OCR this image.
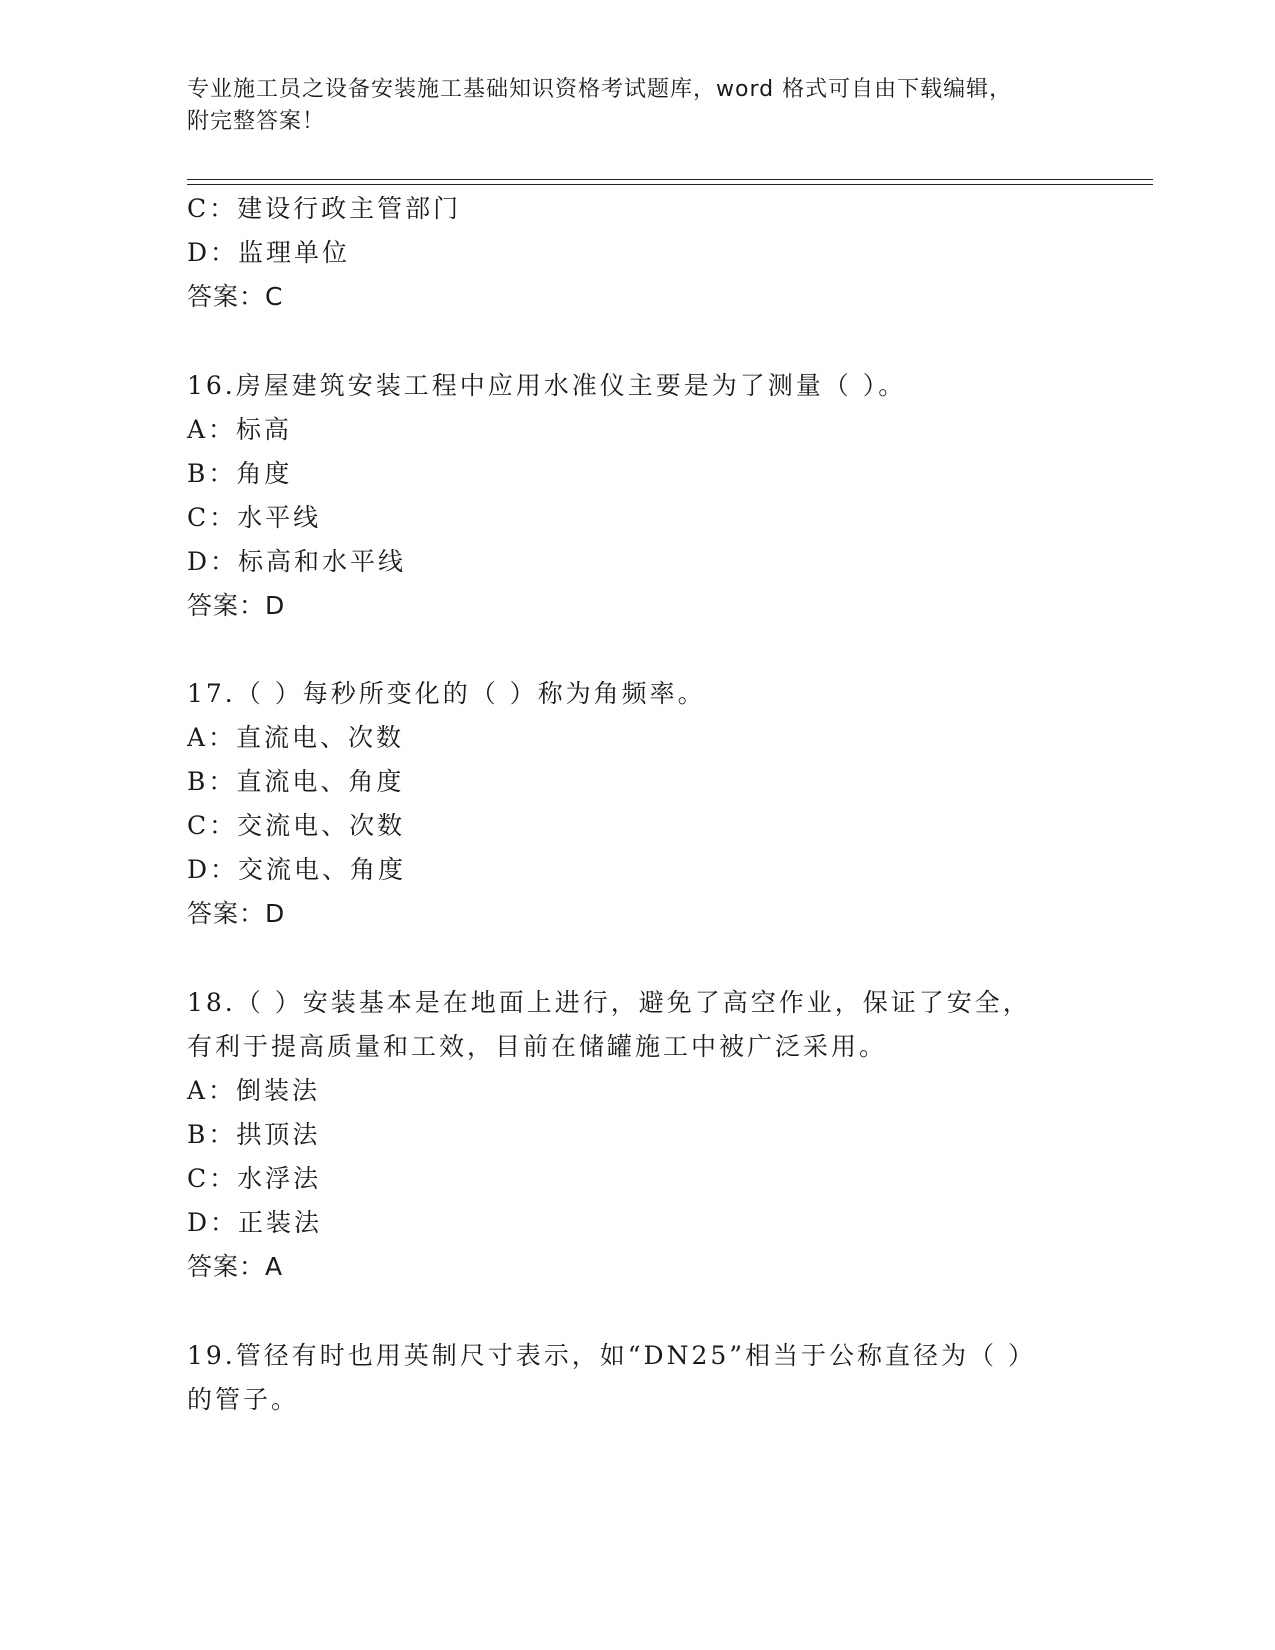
专业施工员之设备安装施工基础知识资格考试题库，word 格式可自由下载编辑，
附完整答案！
C：建设行政主管部门
D：监理单位
答案：C
16.房屋建筑安装工程中应用水准仪主要是为了测量（ ）。
A：标高
B：角度
C：水平线
D：标高和水平线
答案：D
17.（ ）每秒所变化的（ ）称为角频率。
A：直流电、次数
B：直流电、角度
C：交流电、次数
D：交流电、角度
答案：D
18.（ ）安装基本是在地面上进行，避免了高空作业，保证了安全，
有利于提高质量和工效，目前在储罐施工中被广泛采用。
A：倒装法
B：拱顶法
C：水浮法
D：正装法
答案：A
19.管径有时也用英制尺寸表示，如“DN25”相当于公称直径为（ ）
的管子。
